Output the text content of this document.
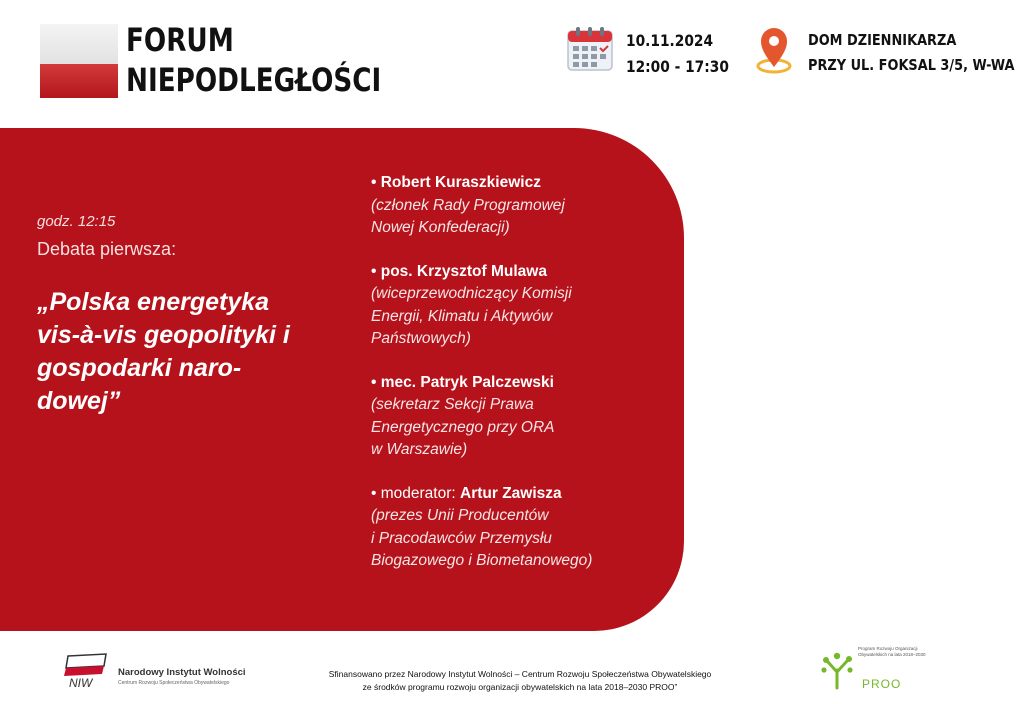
FORUM
NIEPODLEGŁOŚCI
10.11.2024
12:00 - 17:30
DOM DZIENNIKARZA
PRZY UL. FOKSAL 3/5, W-WA
godz. 12:15
Debata pierwsza:
„Polska energetyka vis-à-vis geopolityki i gospodarki naro-dowej”
• Robert Kuraszkiewicz
(członek Rady Programowej
Nowej Konfederacji)
• pos. Krzysztof Mulawa
(wiceprzewodniczący Komisji
Energii, Klimatu i Aktywów
Państwowych)
• mec. Patryk Palczewski
(sekretarz Sekcji Prawa
Energetycznego przy ORA
w Warszawie)
• moderator: Artur Zawisza
(prezes Unii Producentów
i Pracodawców Przemysłu
Biogazowego i Biometanowego)
NIW
Narodowy Instytut Wolności
Centrum Rozwoju Społeczeństwa Obywatelskiego
Sfinansowano przez Narodowy Instytut Wolności – Centrum Rozwoju Społeczeństwa Obywatelskiego
ze środków programu rozwoju organizacji obywatelskich na lata 2018–2030 PROO”
Program Rozwoju Organizacji Obywatelskich na lata 2018–2030
PROO
